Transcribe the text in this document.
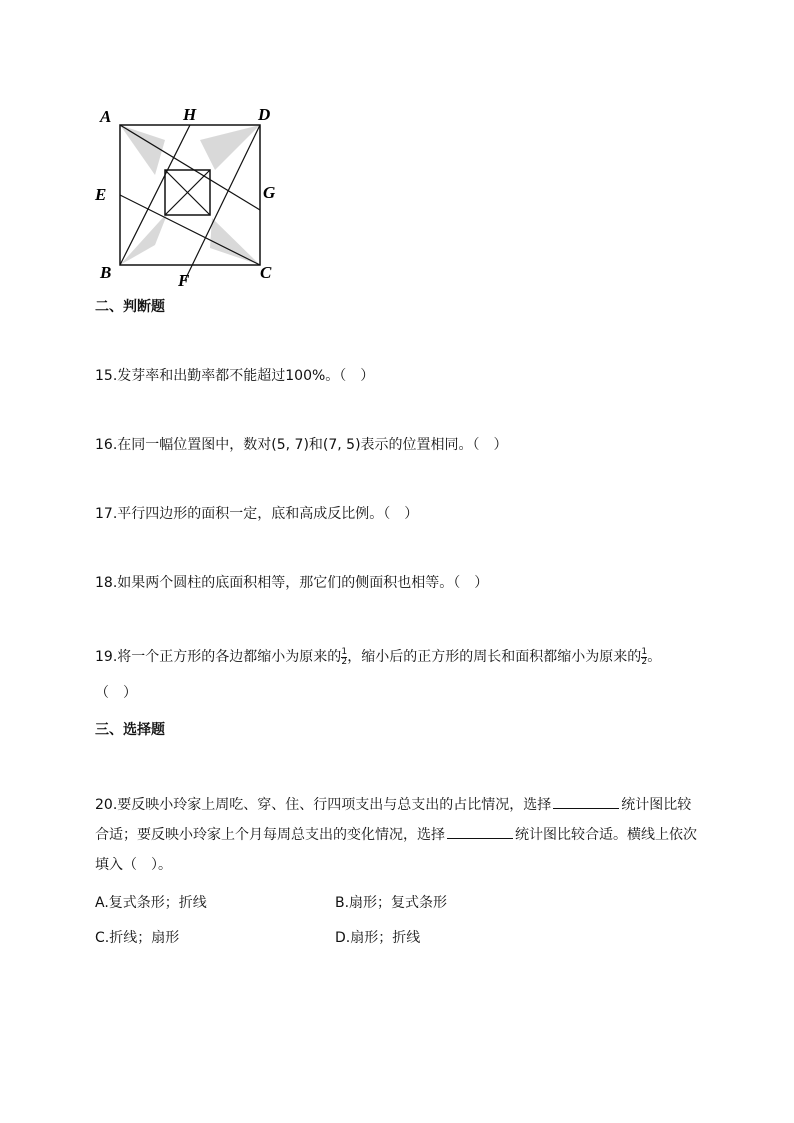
A	H	D
E	G
B	F	C
二、判断题
15.发芽率和出勤率都不能超过100%。（　）
16.在同一幅位置图中，数对(5, 7)和(7, 5)表示的位置相同。（　）
17.平行四边形的面积一定，底和高成反比例。（　）
18.如果两个圆柱的底面积相等，那它们的侧面积也相等。（　）
19.将一个正方形的各边都缩小为原来的 $\frac{1}{2}$ ，缩小后的正方形的周长和面积都缩小为原来的 $\frac{1}{2}$ 。
（　）
三、选择题
20.要反映小玲家上周吃、穿、住、行四项支出与总支出的占比情况，选择	统计图比较合适；要反映小玲家上个月每周总支出的变化情况，选择	统计图比较合适。横线上依次填入（　）。
A.复式条形；折线	B.扇形；复式条形
C.折线；扇形	D.扇形；折线
